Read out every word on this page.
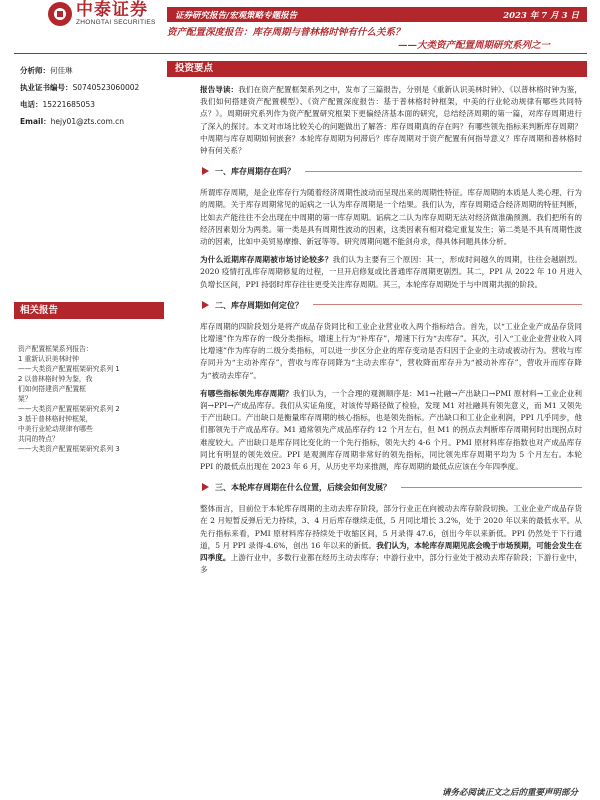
中泰证券
ZHONGTAI SECURITIES
证券研究报告/宏观策略专题报告	2023 年 7 月 3 日
资产配置深度报告：库存周期与普林格时钟有什么关系？
——大类资产配置周期研究系列之一
分析师：何佳琳
执业证书编号：S0740523060002
电话：15221685053
Email：hejy01@zts.com.cn
相关报告
资产配置框架系列报告：
1 重新认识美林时钟
——大类资产配置框架研究系列 1
2 以普林格时钟为鉴，我
们如何搭建资产配置框
架？
——大类资产配置框架研究系列 2
3 基于普林格时钟框架，
中美行业轮动规律有哪些
共同的特点？
——大类资产配置框架研究系列 3
投资要点

报告导读：我们在资产配置框架系列之中，发布了三篇报告，分别是《重新认识美林时钟》、《以普林格时钟为鉴，我们如何搭建资产配置模型》、《资产配置深度报告：基于普林格时钟框架，中美的行业轮动规律有哪些共同特点？》。周期研究系列作为资产配置研究框架下更偏经济基本面的研究，总结经济周期的第一篇，对库存周期进行了深入的探讨。本文对市场比较关心的问题做出了解答：库存周期真的存在吗？有哪些领先指标来判断库存周期？中周期与库存周期如何嵌套？本轮库存周期为何滞后？库存周期对于资产配置有何指导意义？库存周期和普林格时钟有何关系？

一、库存周期存在吗？

所谓库存周期，是企业库存行为随着经济周期性波动而呈现出来的周期性特征。库存周期的本质是人类心理、行为的周期。关于库存周期常见的诟病之一认为库存周期是一个结果。我们认为，库存周期适合经济周期的特征判断，比如去产能往往不会出现在中周期的第一库存周期。诟病之二认为库存周期无法对经济做准确预测。我们把所有的经济因素划分为两类。第一类是具有周期性波动的因素，这类因素有相对稳定重复发生；第二类是不具有周期性波动的因素，比如中美贸易摩擦、新冠等等。研究周期问题不能剑舟求，得具体问题具体分析。

为什么近期库存周期被市场讨论较多？我们认为主要有三个原因：其一，形成时间越久的周期，往往会越剧烈。2020 疫情打乱库存周期修复的过程，一旦开启修复或比普通库存周期更剧烈。其二，PPI 从 2022 年 10 月进入负增长区间，PPI 持弱时库存往往更受关注库存周期。其三，本轮库存周期处于与中周期共振的阶段。

二、库存周期如何定位？

库存周期的四阶段划分是将产成品存货同比和工业企业营业收入两个指标结合。首先，以“工业企业产成品存货同比增速”作为库存的一级分类指标，增速上行为“补库存”，增速下行为“去库存”。其次，引入“工业企业营业收入同比增速”作为库存的二级分类指标，可以进一步区分企业的库存变动是否归因于企业的主动或被动行为。营收与库存同升为“主动补库存”，营收与库存同降为“主动去库存”，营收降而库存升为“被动补库存”，营收升而库存降为“被动去库存”。

有哪些指标领先库存周期？我们认为，一个合理的观测顺序是：M1→社融→产出缺口→PMI 原材料→工业企业利润→PPI→产成品库存。我们从实证角度，对该传导路径做了检验，发现 M1 对社融具有领先意义，而 M1 又领先于产出缺口。产出缺口是衡量库存周期的核心指标，也是领先指标。产出缺口和工业企业利润，PPI 几乎同步，他们都领先于产成品库存。M1 通常领先产成品库存约 12 个月左右，但 M1 的拐点去判断库存周期何时出现拐点时难度较大。产出缺口是库存同比变化的一个先行指标，领先大约 4-6 个月。PMI 原材料库存指数也对产成品库存同比有明显的领先效应。PPI 是观测库存周期非常好的领先指标，同比领先库存周期平均为 5 个月左右。本轮 PPI 的最低点出现在 2023 年 6 月，从历史平均来推测，库存周期的最低点应该在今年四季度。

三、本轮库存周期在什么位置，后续会如何发展？

整体而言，目前位于本轮库存周期的主动去库存阶段，部分行业正在向被动去库存阶段切换。工业企业产成品存货在 2 月短暂反弹后无力持续，3、4 月后库存继续走低，5 月同比增长 3.2%，处于 2020 年以来的最低水平。从先行指标来看，PMI 原材料库存持续处于收缩区间，5 月录得 47.6，创出今年以来新低。PPI 仍然处于下行通道，5 月 PPI 录得-4.6%，创出 16 年以来的新低。我们认为，本轮库存周期见底会晚于市场预期，可能会发生在四季度。上游行业中，多数行业都在经历主动去库存；中游行业中，部分行业处于被动去库存阶段；下游行业中，多

请务必阅读正文之后的重要声明部分
